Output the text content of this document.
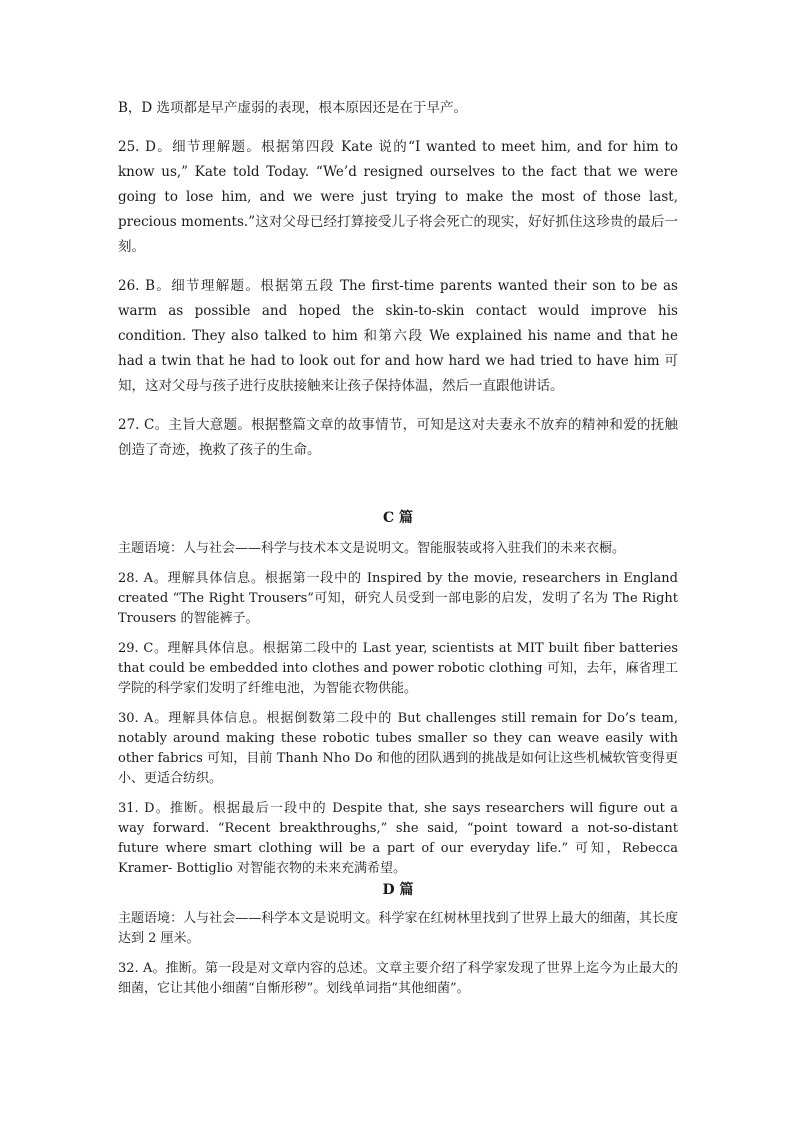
B，D 选项都是早产虚弱的表现，根本原因还是在于早产。

25. D。细节理解题。根据第四段 Kate 说的“I wanted to meet him, and for him to know us,” Kate told Today. “We’d resigned ourselves to the fact that we were going to lose him, and we were just trying to make the most of those last, precious moments.”这对父母已经打算接受儿子将会死亡的现实，好好抓住这珍贵的最后一刻。

26. B。细节理解题。根据第五段 The first-time parents wanted their son to be as warm as possible and hoped the skin-to-skin contact would improve his condition. They also talked to him 和第六段 We explained his name and that he had a twin that he had to look out for and how hard we had tried to have him 可知，这对父母与孩子进行皮肤接触来让孩子保持体温，然后一直跟他讲话。

27. C。主旨大意题。根据整篇文章的故事情节，可知是这对夫妻永不放弃的精神和爱的抚触创造了奇迹，挽救了孩子的生命。

C 篇

主题语境：人与社会——科学与技术本文是说明文。智能服装或将入驻我们的未来衣橱。

28. A。理解具体信息。根据第一段中的 Inspired by the movie, researchers in England created “The Right Trousers”可知，研究人员受到一部电影的启发，发明了名为 The Right Trousers 的智能裤子。

29. C。理解具体信息。根据第二段中的 Last year, scientists at MIT built fiber batteries that could be embedded into clothes and power robotic clothing 可知，去年，麻省理工学院的科学家们发明了纤维电池，为智能衣物供能。

30. A。理解具体信息。根据倒数第二段中的 But challenges still remain for Do’s team, notably around making these robotic tubes smaller so they can weave easily with other fabrics 可知，目前 Thanh Nho Do 和他的团队遇到的挑战是如何让这些机械软管变得更小、更适合纺织。

31. D。推断。根据最后一段中的 Despite that, she says researchers will figure out a way forward. “Recent breakthroughs,” she said, “point toward a not-so-distant future where smart clothing will be a part of our everyday life.” 可知，Rebecca Kramer- Bottiglio 对智能衣物的未来充满希望。

D 篇

主题语境：人与社会——科学本文是说明文。科学家在红树林里找到了世界上最大的细菌，其长度达到 2 厘米。

32. A。推断。第一段是对文章内容的总述。文章主要介绍了科学家发现了世界上迄今为止最大的细菌，它让其他小细菌“自惭形秽”。划线单词指“其他细菌”。
